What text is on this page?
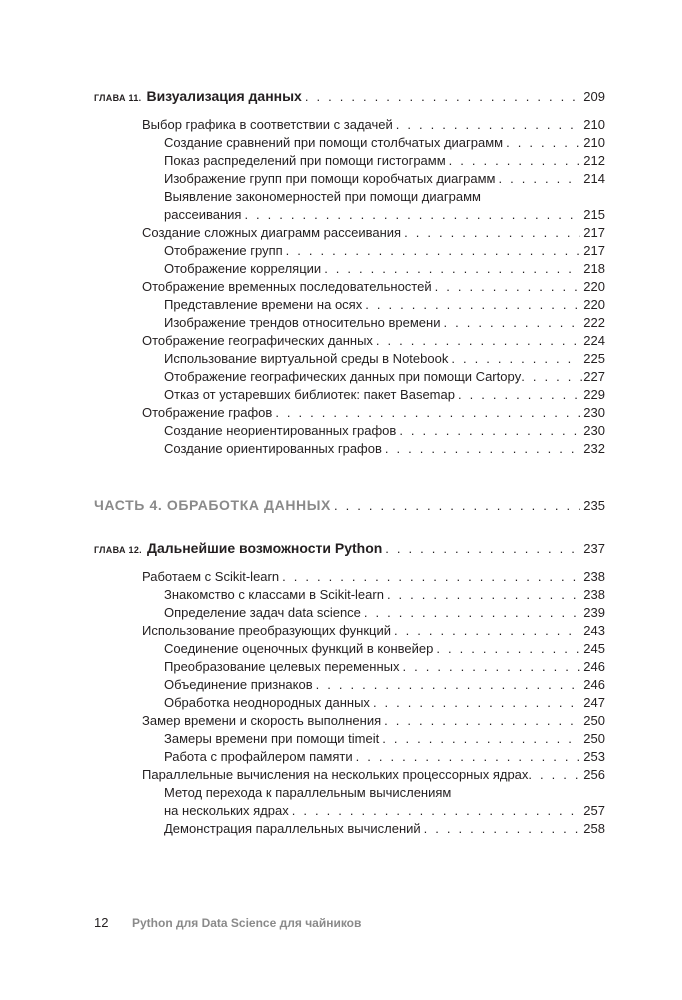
ГЛАВА 11. Визуализация данных . . .	209
Выбор графика в соответствии с задачей . . .	210
Создание сравнений при помощи столбчатых диаграмм . . .	210
Показ распределений при помощи гистограмм . . .	212
Изображение групп при помощи коробчатых диаграмм . . .	214
Выявление закономерностей при помощи диаграмм
рассеивания . . .	215
Создание сложных диаграмм рассеивания . . .	217
Отображение групп . . .	217
Отображение корреляции . . .	218
Отображение временных последовательностей . . .	220
Представление времени на осях . . .	220
Изображение трендов относительно времени . . .	222
Отображение географических данных . . .	224
Использование виртуальной среды в Notebook . . .	225
Отображение географических данных при помощи Cartopy . . .	227
Отказ от устаревших библиотек: пакет Basemap . . .	229
Отображение графов . . .	230
Создание неориентированных графов . . .	230
Создание ориентированных графов . . .	232
ЧАСТЬ 4. ОБРАБОТКА ДАННЫХ . . .	235
ГЛАВА 12. Дальнейшие возможности Python . . .	237
Работаем с Scikit-learn . . .	238
Знакомство с классами в Scikit-learn . . .	238
Определение задач data science . . .	239
Использование преобразующих функций . . .	243
Соединение оценочных функций в конвейер . . .	245
Преобразование целевых переменных . . .	246
Объединение признаков . . .	246
Обработка неоднородных данных . . .	247
Замер времени и скорость выполнения . . .	250
Замеры времени при помощи timeit . . .	250
Работа с профайлером памяти . . .	253
Параллельные вычисления на нескольких процессорных ядрах . . .	256
Метод перехода к параллельным вычислениям
на нескольких ядрах . . .	257
Демонстрация параллельных вычислений . . .	258
12	Python для Data Science для чайников
